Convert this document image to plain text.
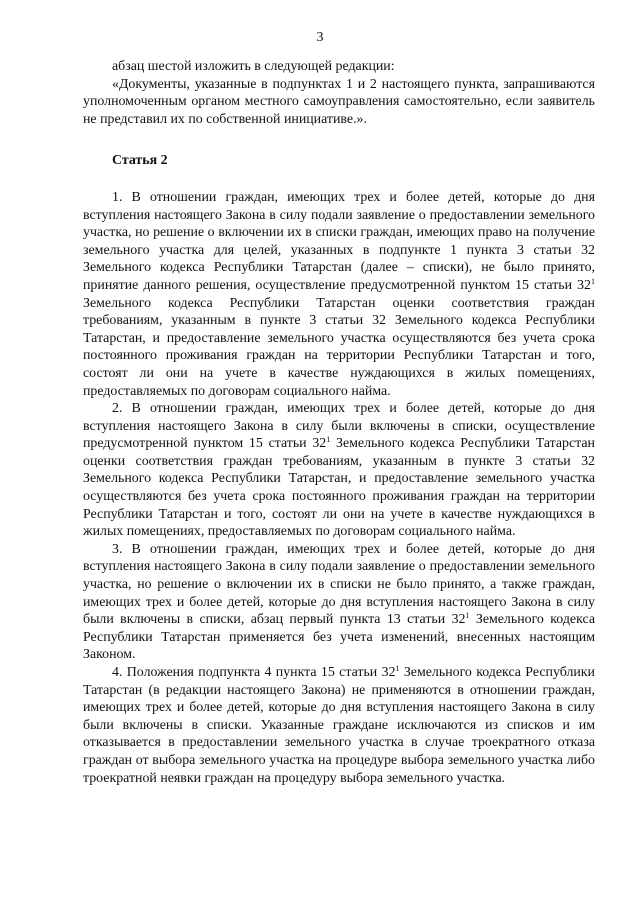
3

абзац шестой изложить в следующей редакции:

«Документы, указанные в подпунктах 1 и 2 настоящего пункта, запрашиваются уполномоченным органом местного самоуправления самостоятельно, если заявитель не представил их по собственной инициативе.».

Статья 2

1. В отношении граждан, имеющих трех и более детей, которые до дня вступления настоящего Закона в силу подали заявление о предоставлении земельного участка, но решение о включении их в списки граждан, имеющих право на получение земельного участка для целей, указанных в подпункте 1 пункта 3 статьи 32 Земельного кодекса Республики Татарстан (далее – списки), не было принято, принятие данного решения, осуществление предусмотренной пунктом 15 статьи $32^1$ Земельного кодекса Республики Татарстан оценки соответствия граждан требованиям, указанным в пункте 3 статьи 32 Земельного кодекса Республики Татарстан, и предоставление земельного участка осуществляются без учета срока постоянного проживания граждан на территории Республики Татарстан и того, состоят ли они на учете в качестве нуждающихся в жилых помещениях, предоставляемых по договорам социального найма.

2. В отношении граждан, имеющих трех и более детей, которые до дня вступления настоящего Закона в силу были включены в списки, осуществление предусмотренной пунктом 15 статьи $32^1$ Земельного кодекса Республики Татарстан оценки соответствия граждан требованиям, указанным в пункте 3 статьи 32 Земельного кодекса Республики Татарстан, и предоставление земельного участка осуществляются без учета срока постоянного проживания граждан на территории Республики Татарстан и того, состоят ли они на учете в качестве нуждающихся в жилых помещениях, предоставляемых по договорам социального найма.

3. В отношении граждан, имеющих трех и более детей, которые до дня вступления настоящего Закона в силу подали заявление о предоставлении земельного участка, но решение о включении их в списки не было принято, а также граждан, имеющих трех и более детей, которые до дня вступления настоящего Закона в силу были включены в списки, абзац первый пункта 13 статьи $32^1$ Земельного кодекса Республики Татарстан применяется без учета изменений, внесенных настоящим Законом.

4. Положения подпункта 4 пункта 15 статьи $32^1$ Земельного кодекса Республики Татарстан (в редакции настоящего Закона) не применяются в отношении граждан, имеющих трех и более детей, которые до дня вступления настоящего Закона в силу были включены в списки. Указанные граждане исключаются из списков и им отказывается в предоставлении земельного участка в случае троекратного отказа граждан от выбора земельного участка на процедуре выбора земельного участка либо троекратной неявки граждан на процедуру выбора земельного участка.
